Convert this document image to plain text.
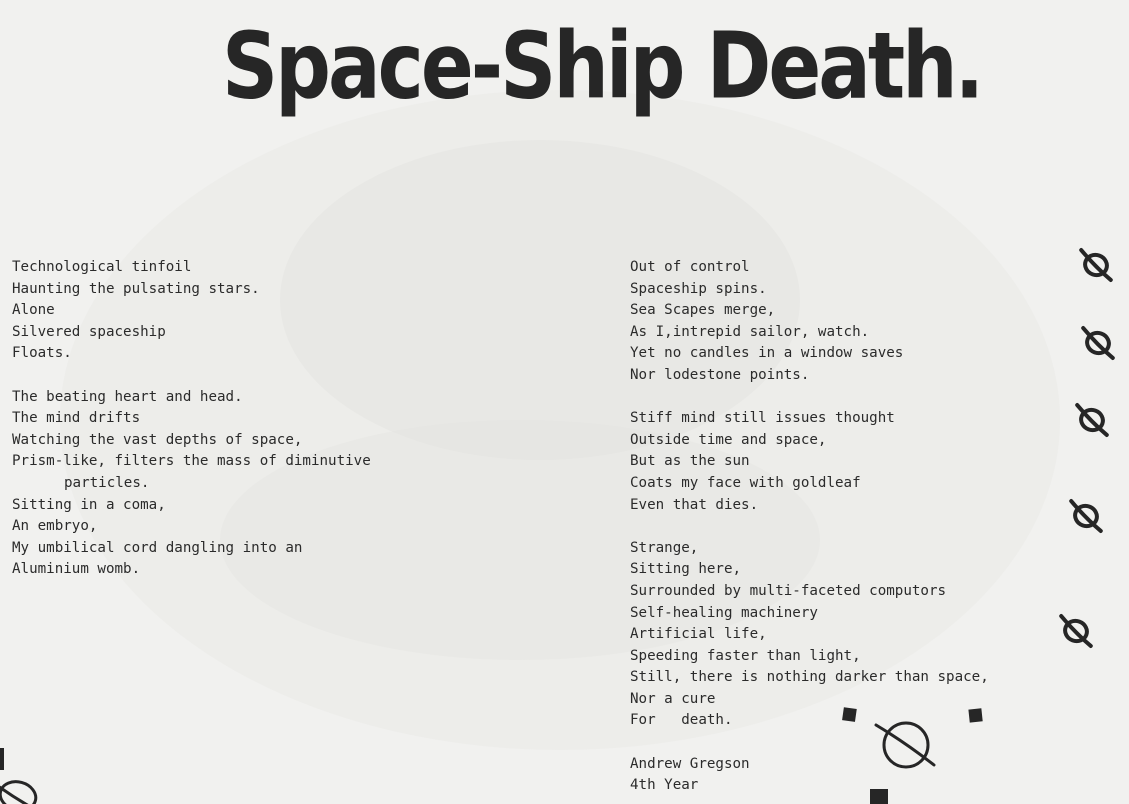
Space-Ship Death.
Technological tinfoil
Haunting the pulsating stars.
Alone
Silvered spaceship
Floats.
The beating heart and head.
The mind drifts
Watching the vast depths of space,
Prism-like, filters the mass of diminutive
particles.
Sitting in a coma,
An embryo,
My umbilical cord dangling into an
Aluminium womb.
Out of control
Spaceship spins.
Sea Scapes merge,
As I,intrepid sailor, watch.
Yet no candles in a window saves
Nor lodestone points.
Stiff mind still issues thought
Outside time and space,
But as the sun
Coats my face with goldleaf
Even that dies.
Strange,
Sitting here,
Surrounded by multi-faceted computors
Self-healing machinery
Artificial life,
Speeding faster than light,
Still, there is nothing darker than space,
Nor a cure
For   death.
Andrew Gregson
4th Year
